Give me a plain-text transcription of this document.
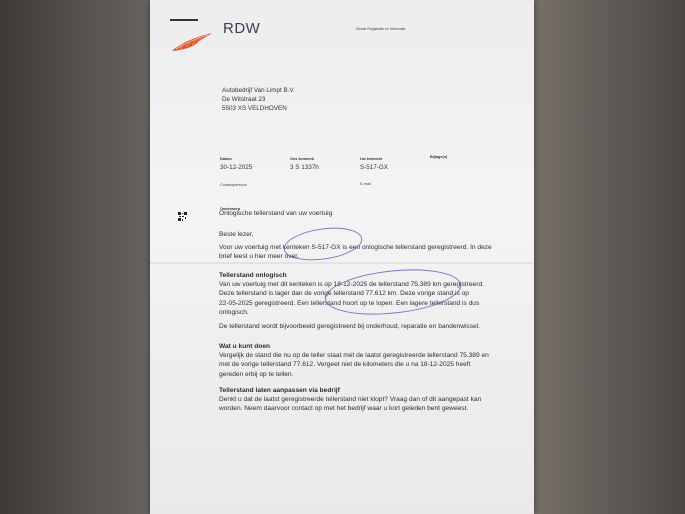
RDW	Divisie Registratie en Informatie
Autobedrijf Van Limpt B.V.
De Witstraat 23
5503 XS VELDHOVEN
Datum
30-12-2025
Ons kenmerk
3 S 1337h
Uw kenmerk
S-517-GX
Bijlage(n)
Contactpersoon	E-mail
Onderwerp
Onlogische tellerstand van uw voertuig
Beste lezer,
Voor uw voertuig met kenteken S-517-GX is een onlogische tellerstand geregistreerd. In deze
brief leest u hier meer over.
Tellerstand onlogisch
Van uw voertuig met dit kenteken is op 18-12-2025 de tellerstand 75.389 km geregistreerd.
Deze tellerstand is lager dan de vorige tellerstand 77.612 km. Deze vorige stand is op
22-05-2025 geregistreerd. Een tellerstand hoort op te lopen. Een lagere tellerstand is dus
onlogisch.
De tellerstand wordt bijvoorbeeld geregistreerd bij onderhoud, reparatie en bandenwissel.
Wat u kunt doen
Vergelijk de stand die nu op de teller staat met de laatst geregistreerde tellerstand 75.389 en
met de vorige tellerstand 77.612. Vergeet niet de kilometers die u na 18-12-2025 heeft
gereden erbij op te tellen.
Tellerstand laten aanpassen via bedrijf
Denkt u dat de laatst geregistreerde tellerstand niet klopt? Vraag dan of dit aangepast kan
worden. Neem daarvoor contact op met het bedrijf waar u kort geleden bent geweest.
